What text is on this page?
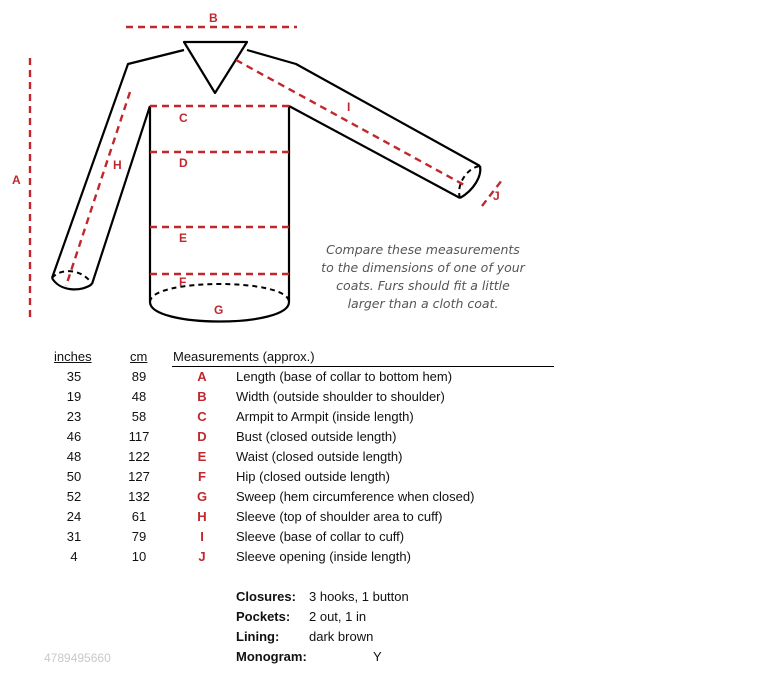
A
B
C
D
E
F
G
H
I
J
Compare these measurements to the dimensions of one of your coats. Furs should fit a little larger than a cloth coat.
inches	cm Measurements (approx.)
35	89	A Length (base of collar to bottom hem)
19	48	B Width (outside shoulder to shoulder)
23	58	C Armpit to Armpit (inside length)
46	117	D Bust (closed outside length)
48	122	E Waist (closed outside length)
50	127	F	Hip (closed outside length)
52	132	G Sweep (hem circumference when closed)
24	61	H Sleeve (top of shoulder area to cuff)
31	79	I	Sleeve (base of collar to cuff)
4	10	J	Sleeve opening (inside length)
Closures: 3 hooks, 1 button
Pockets: 2 out, 1 in
Lining: dark brown
Monogram:	Y
4789495660
